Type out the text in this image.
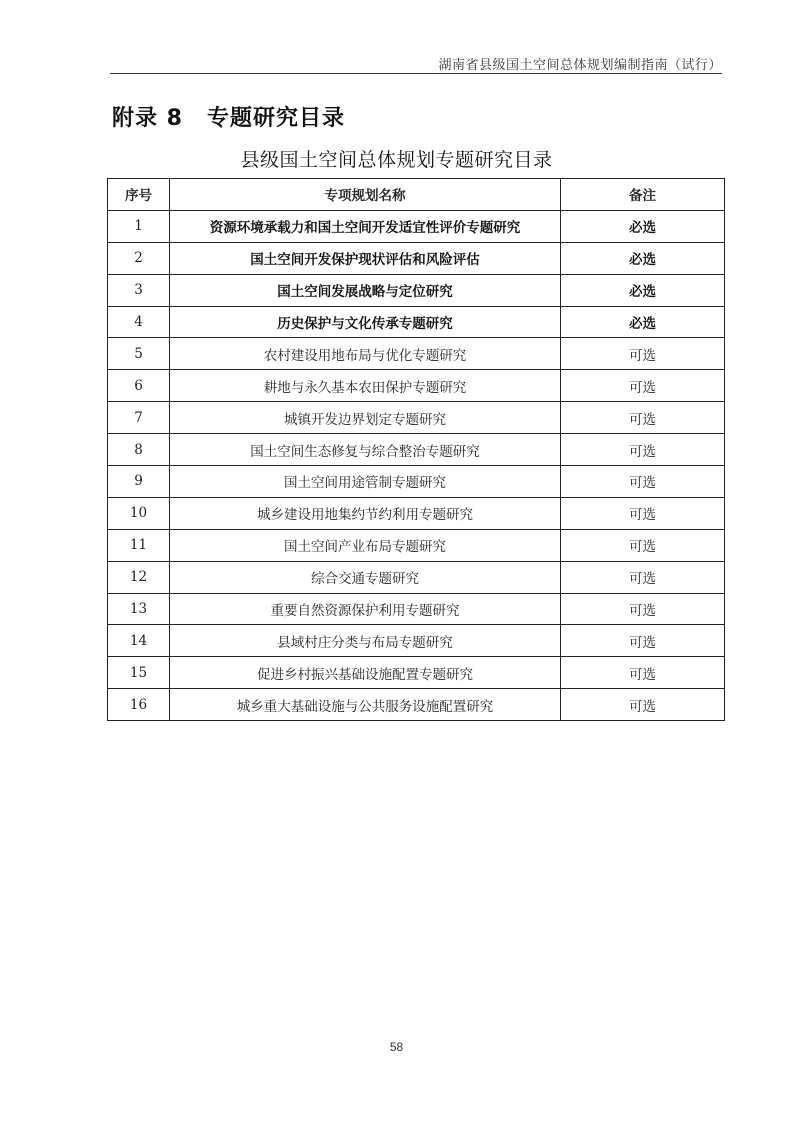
湖南省县级国土空间总体规划编制指南（试行）
附录 8 专题研究目录
县级国土空间总体规划专题研究目录
序号	专项规划名称	备注
1	资源环境承载力和国土空间开发适宜性评价专题研究	必选
2	国土空间开发保护现状评估和风险评估	必选
3	国土空间发展战略与定位研究	必选
4	历史保护与文化传承专题研究	必选
5	农村建设用地布局与优化专题研究	可选
6	耕地与永久基本农田保护专题研究	可选
7	城镇开发边界划定专题研究	可选
8	国土空间生态修复与综合整治专题研究	可选
9	国土空间用途管制专题研究	可选
10	城乡建设用地集约节约利用专题研究	可选
11	国土空间产业布局专题研究	可选
12	综合交通专题研究	可选
13	重要自然资源保护利用专题研究	可选
14	县域村庄分类与布局专题研究	可选
15	促进乡村振兴基础设施配置专题研究	可选
16	城乡重大基础设施与公共服务设施配置研究	可选
58
